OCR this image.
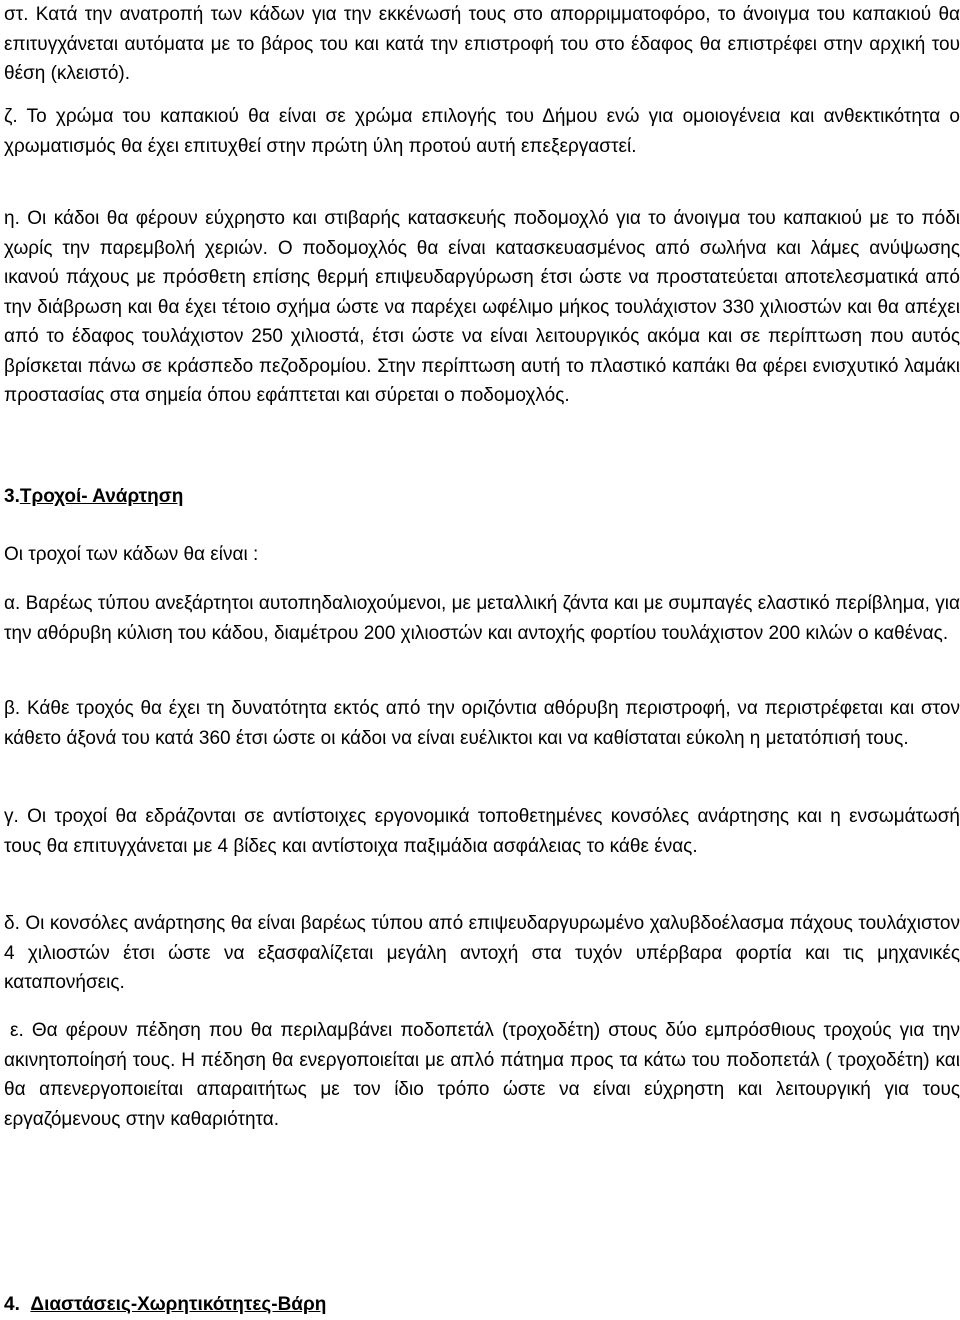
στ. Κατά την ανατροπή των κάδων για την εκκένωσή τους στο απορριμματοφόρο, το άνοιγμα του καπακιού θα επιτυγχάνεται αυτόματα με το βάρος του και κατά την επιστροφή του στο έδαφος θα επιστρέφει στην αρχική του θέση (κλειστό).

ζ. Το χρώμα του καπακιού θα είναι σε χρώμα επιλογής του Δήμου ενώ για ομοιογένεια και ανθεκτικότητα ο χρωματισμός θα έχει επιτυχθεί στην πρώτη ύλη προτού αυτή επεξεργαστεί.

η. Οι κάδοι θα φέρουν εύχρηστο και στιβαρής κατασκευής ποδομοχλό για το άνοιγμα του καπακιού με το πόδι χωρίς την παρεμβολή χεριών. Ο ποδομοχλός θα είναι κατασκευασμένος από σωλήνα και λάμες ανύψωσης ικανού πάχους με πρόσθετη επίσης θερμή επιψευδαργύρωση έτσι ώστε να προστατεύεται αποτελεσματικά από την διάβρωση και θα έχει τέτοιο σχήμα ώστε να παρέχει ωφέλιμο μήκος τουλάχιστον 330 χιλιοστών και θα απέχει από το έδαφος τουλάχιστον 250 χιλιοστά, έτσι ώστε να είναι λειτουργικός ακόμα και σε περίπτωση που αυτός βρίσκεται πάνω σε κράσπεδο πεζοδρομίου. Στην περίπτωση αυτή το πλαστικό καπάκι θα φέρει ενισχυτικό λαμάκι προστασίας στα σημεία όπου εφάπτεται και σύρεται ο ποδομοχλός.

3.Τροχοί- Ανάρτηση

Οι τροχοί των κάδων θα είναι :

α. Βαρέως τύπου ανεξάρτητοι αυτοπηδαλιοχούμενοι, με μεταλλική ζάντα και με συμπαγές ελαστικό περίβλημα, για την αθόρυβη κύλιση του κάδου, διαμέτρου 200 χιλιοστών και αντοχής φορτίου τουλάχιστον 200 κιλών ο καθένας.

β. Κάθε τροχός θα έχει τη δυνατότητα εκτός από την οριζόντια αθόρυβη περιστροφή, να περιστρέφεται και στον κάθετο άξονά του κατά 360 έτσι ώστε οι κάδοι να είναι ευέλικτοι και να καθίσταται εύκολη η μετατόπισή τους.

γ. Οι τροχοί θα εδράζονται σε αντίστοιχες εργονομικά τοποθετημένες κονσόλες ανάρτησης και η ενσωμάτωσή τους θα επιτυγχάνεται με 4 βίδες και αντίστοιχα παξιμάδια ασφάλειας το κάθε ένας.

δ. Οι κονσόλες ανάρτησης θα είναι βαρέως τύπου από επιψευδαργυρωμένο χαλυβδοέλασμα πάχους τουλάχιστον 4 χιλιοστών έτσι ώστε να εξασφαλίζεται μεγάλη αντοχή στα τυχόν υπέρβαρα φορτία και τις μηχανικές καταπονήσεις.

ε. Θα φέρουν πέδηση που θα περιλαμβάνει ποδοπετάλ (τροχοδέτη) στους δύο εμπρόσθιους τροχούς για την ακινητοποίησή τους. Η πέδηση θα ενεργοποιείται με απλό πάτημα προς τα κάτω του ποδοπετάλ ( τροχοδέτη) και θα απενεργοποιείται απαραιτήτως με τον ίδιο τρόπο ώστε να είναι εύχρηστη και λειτουργική για τους εργαζόμενους στην καθαριότητα.

4. Διαστάσεις-Χωρητικότητες-Βάρη
